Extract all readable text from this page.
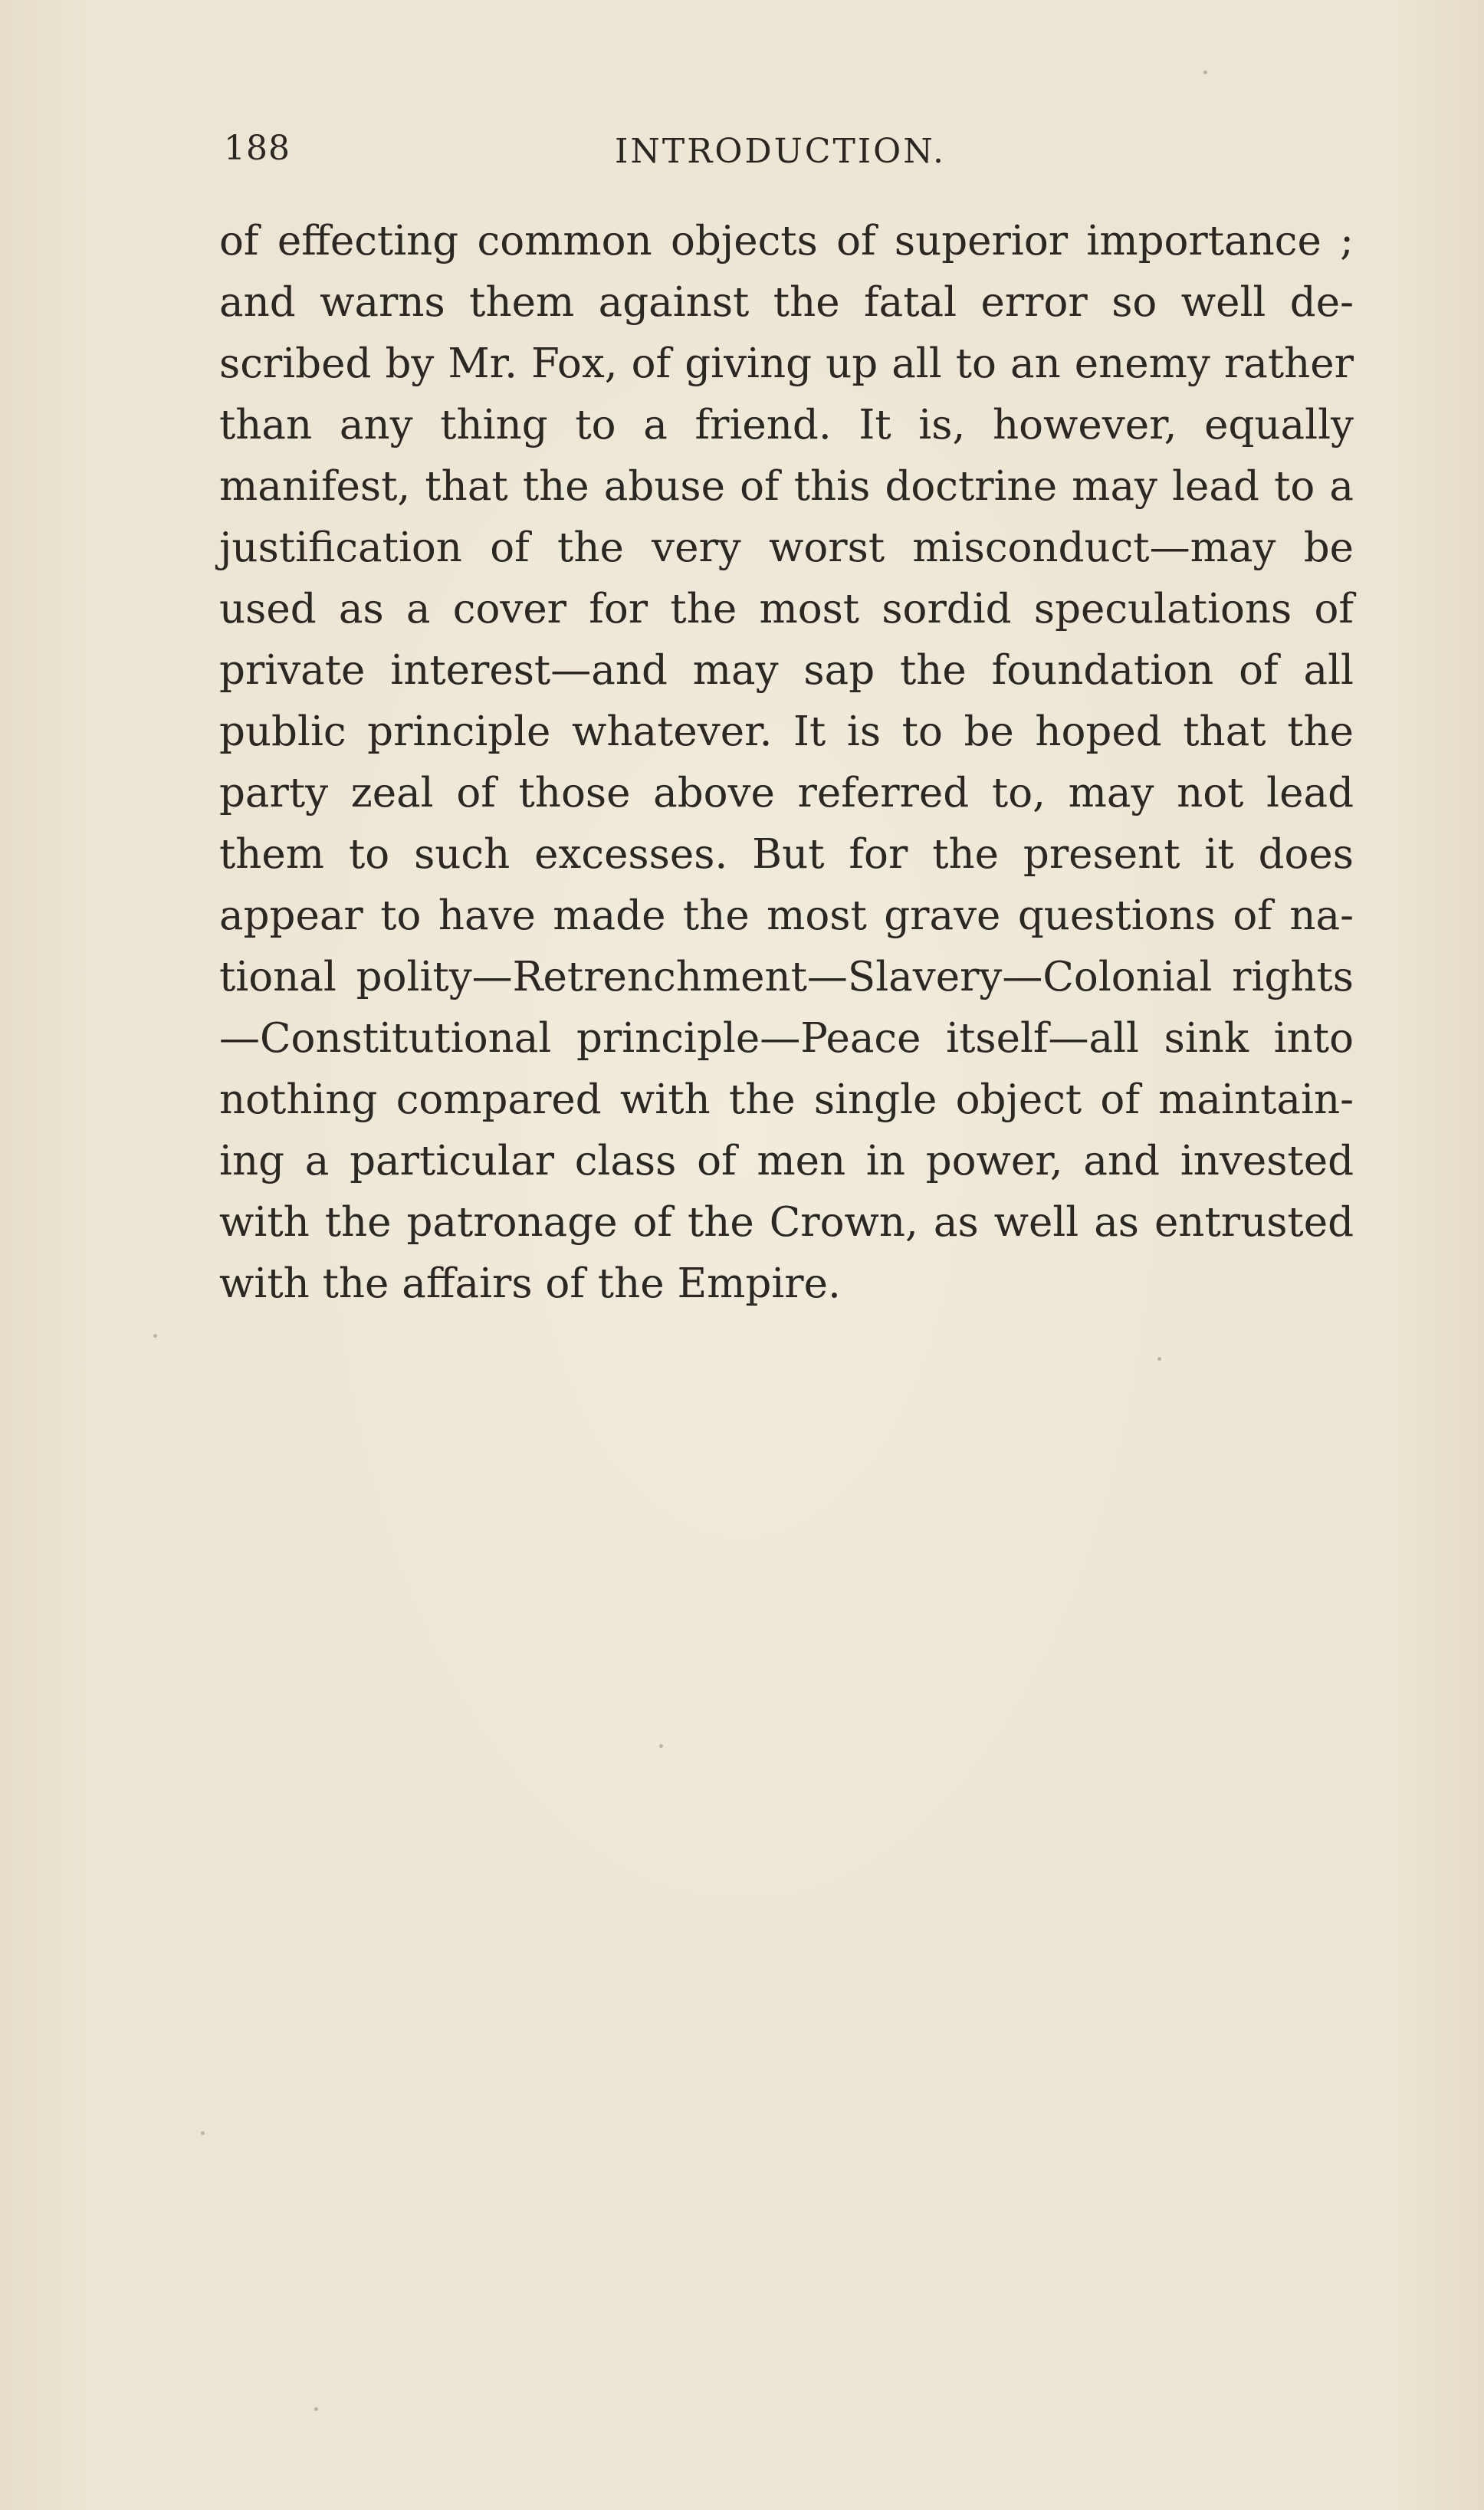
188	INTRODUCTION.
of effecting common objects of superior importance ;
and warns them against the fatal error so well de-
scribed by Mr. Fox, of giving up all to an enemy rather
than any thing to a friend. It is, however, equally
manifest, that the abuse of this doctrine may lead to a
justification of the very worst misconduct—may be
used as a cover for the most sordid speculations of
private interest—and may sap the foundation of all
public principle whatever. It is to be hoped that the
party zeal of those above referred to, may not lead
them to such excesses. But for the present it does
appear to have made the most grave questions of na-
tional polity—Retrenchment—Slavery—Colonial rights
—Constitutional principle—Peace itself—all sink into
nothing compared with the single object of maintain-
ing a particular class of men in power, and invested
with the patronage of the Crown, as well as entrusted
with the affairs of the Empire.
